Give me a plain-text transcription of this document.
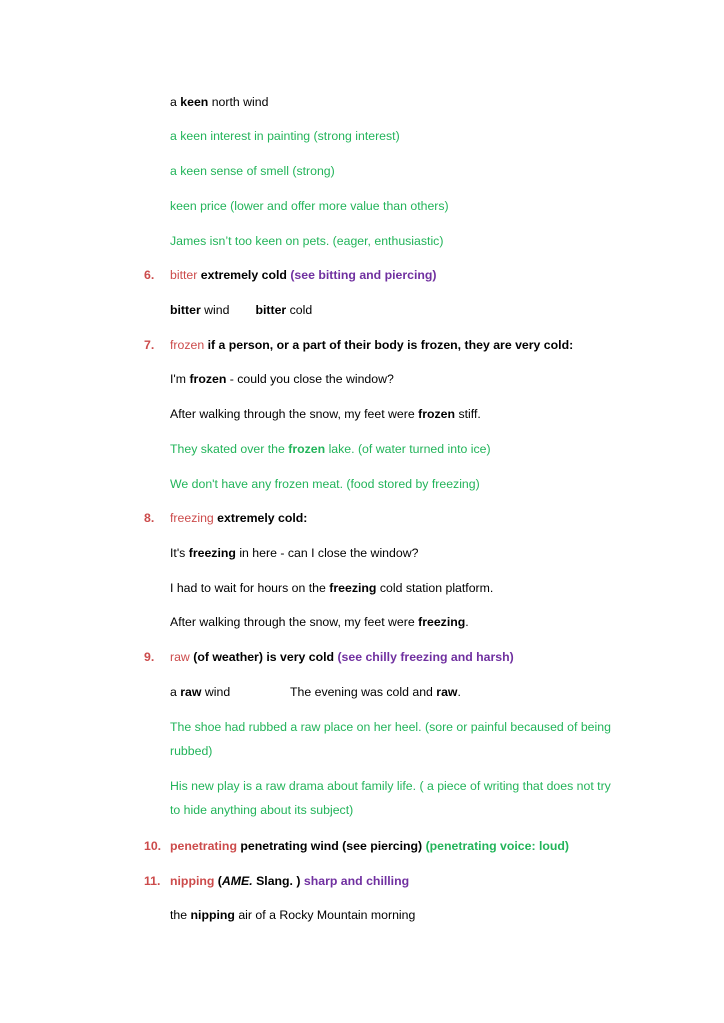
a keen north wind
a keen interest in painting (strong interest)
a keen sense of smell (strong)
keen price (lower and offer more value than others)
James isn’t too keen on pets. (eager, enthusiastic)
6. bitter extremely cold (see bitting and piercing)
bitter wind bitter cold
7. frozen if a person, or a part of their body is frozen, they are very cold:
I'm frozen - could you close the window?
After walking through the snow, my feet were frozen stiff.
They skated over the frozen lake. (of water turned into ice)
We don't have any frozen meat. (food stored by freezing)
8. freezing extremely cold:
It's freezing in here - can I close the window?
I had to wait for hours on the freezing cold station platform.
After walking through the snow, my feet were freezing.
9. raw (of weather) is very cold (see chilly freezing and harsh)
a raw wind	The evening was cold and raw.
The shoe had rubbed a raw place on her heel. (sore or painful becaused of being
rubbed)
His new play is a raw drama about family life. ( a piece of writing that does not try
to hide anything about its subject)
10. penetrating penetrating wind (see piercing) (penetrating voice: loud)
11. nipping (AME. Slang. ) sharp and chilling
the nipping air of a Rocky Mountain morning
